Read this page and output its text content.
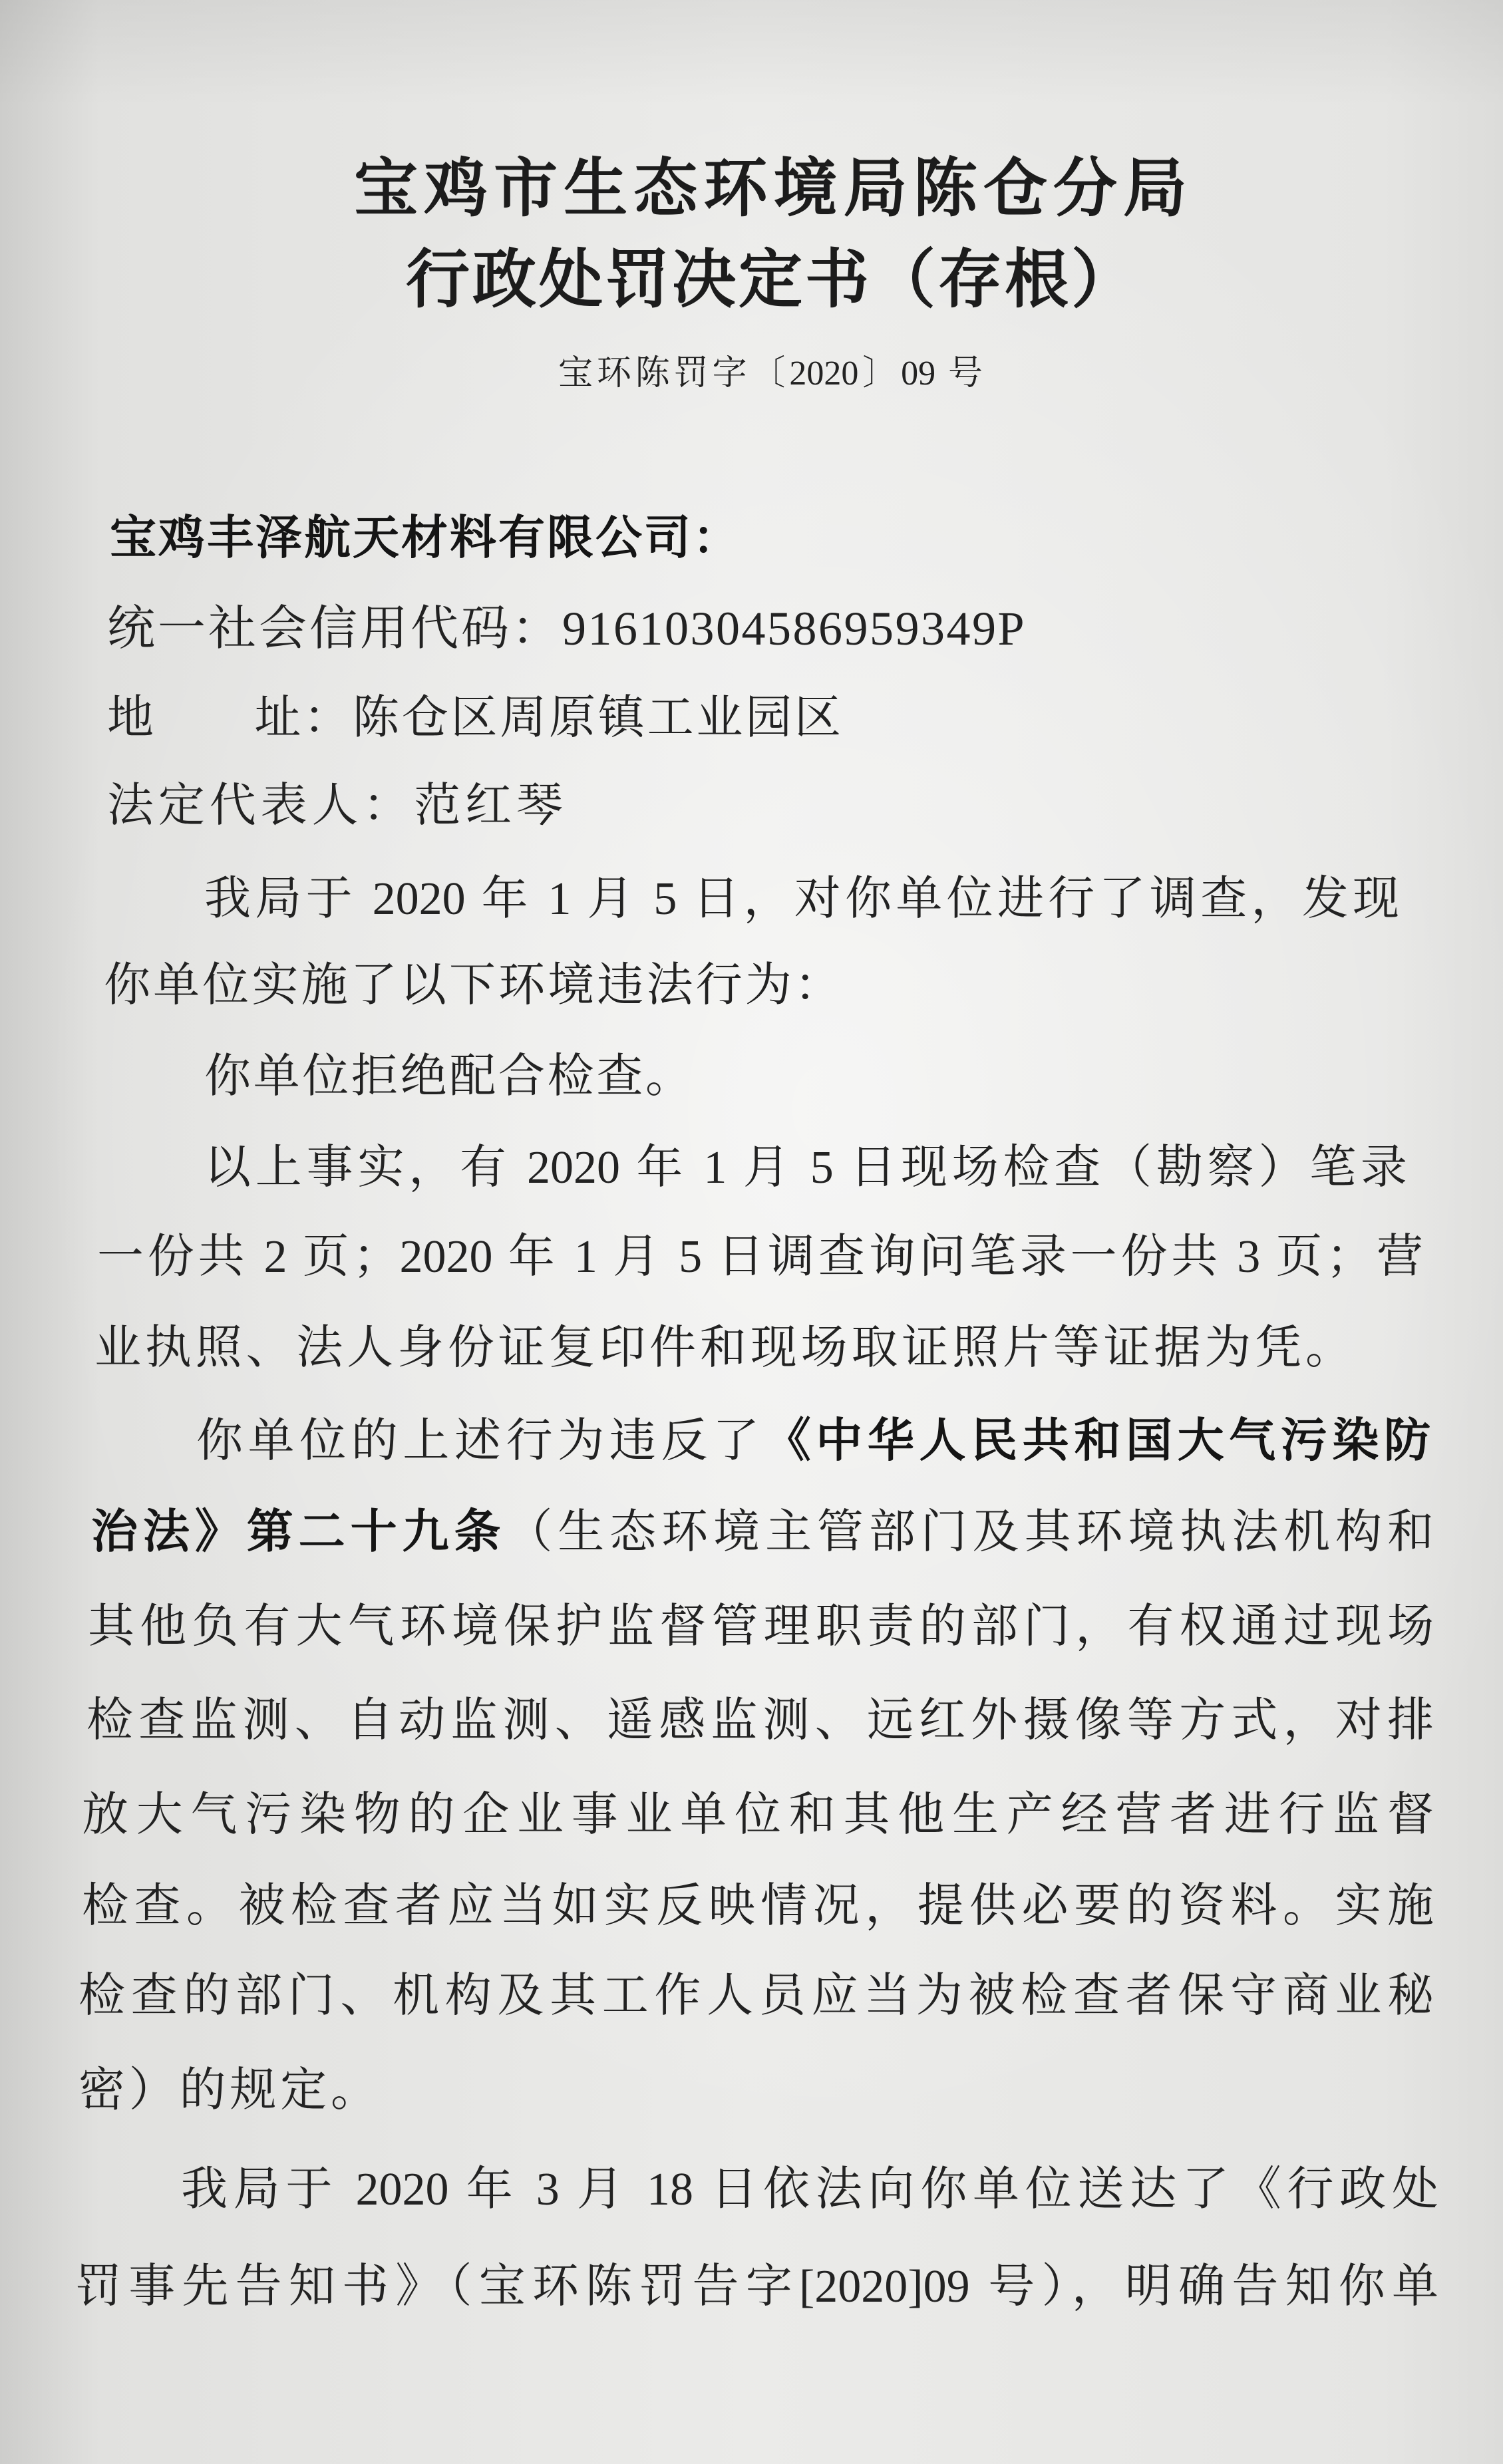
宝鸡市生态环境局陈仓分局
行政处罚决定书（存根）
宝环陈罚字〔2020〕09 号
宝鸡丰泽航天材料有限公司：
统一社会信用代码：91610304586959349P
地　　址：陈仓区周原镇工业园区
法定代表人：范红琴
我局于 2020 年 1 月 5 日，对你单位进行了调查，发现
你单位实施了以下环境违法行为：
你单位拒绝配合检查。
以上事实，有 2020 年 1 月 5 日现场检查（勘察）笔录
一份共 2 页；2020 年 1 月 5 日调查询问笔录一份共 3 页；营
业执照、法人身份证复印件和现场取证照片等证据为凭。
你单位的上述行为违反了《中华人民共和国大气污染防
治法》第二十九条（生态环境主管部门及其环境执法机构和
其他负有大气环境保护监督管理职责的部门，有权通过现场
检查监测、自动监测、遥感监测、远红外摄像等方式，对排
放大气污染物的企业事业单位和其他生产经营者进行监督
检查。被检查者应当如实反映情况，提供必要的资料。实施
检查的部门、机构及其工作人员应当为被检查者保守商业秘
密）的规定。
我局于 2020 年 3 月 18 日依法向你单位送达了《行政处
罚事先告知书》（宝环陈罚告字[2020]09 号），明确告知你单
